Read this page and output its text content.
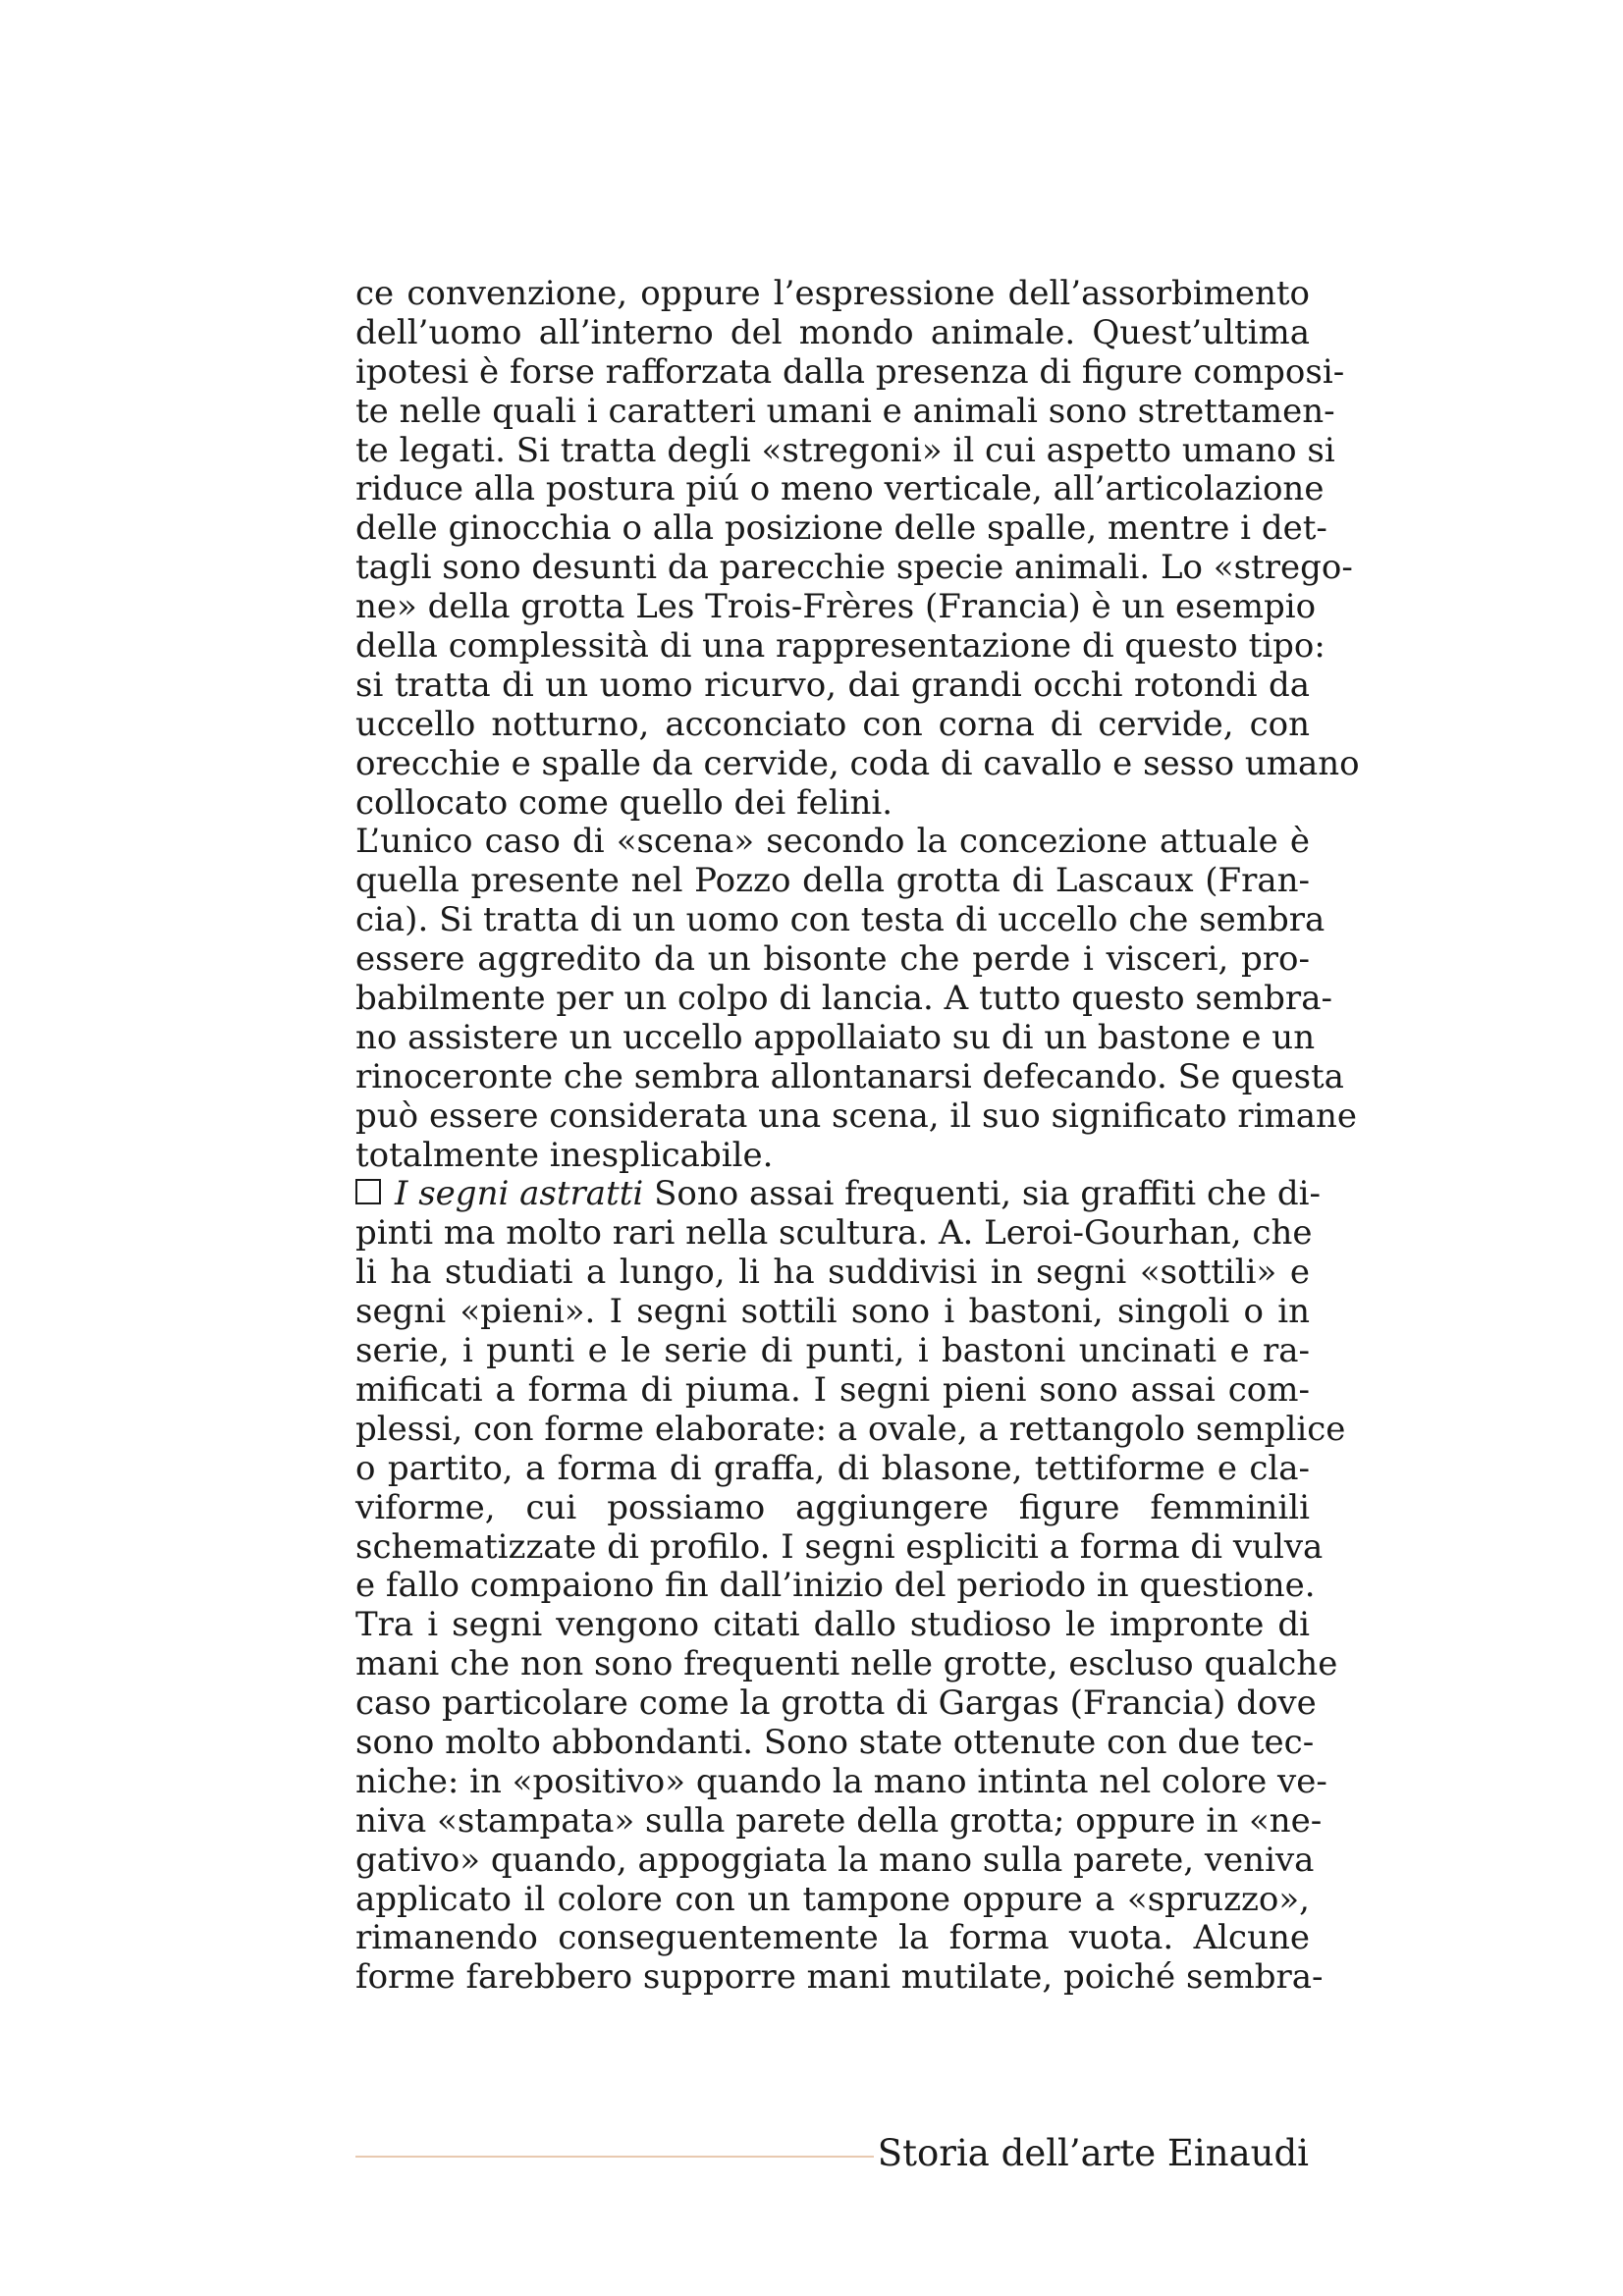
ce convenzione, oppure l’espressione dell’assorbimento
dell’uomo all’interno del mondo animale. Quest’ultima
ipotesi è forse rafforzata dalla presenza di figure composi-
te nelle quali i caratteri umani e animali sono strettamen-
te legati. Si tratta degli «stregoni» il cui aspetto umano si
riduce alla postura piú o meno verticale, all’articolazione
delle ginocchia o alla posizione delle spalle, mentre i det-
tagli sono desunti da parecchie specie animali. Lo «strego-
ne» della grotta Les Trois-Frères (Francia) è un esempio
della complessità di una rappresentazione di questo tipo:
si tratta di un uomo ricurvo, dai grandi occhi rotondi da
uccello notturno, acconciato con corna di cervide, con
orecchie e spalle da cervide, coda di cavallo e sesso umano
collocato come quello dei felini.
L’unico caso di «scena» secondo la concezione attuale è
quella presente nel Pozzo della grotta di Lascaux (Fran-
cia). Si tratta di un uomo con testa di uccello che sembra
essere aggredito da un bisonte che perde i visceri, pro-
babilmente per un colpo di lancia. A tutto questo sembra-
no assistere un uccello appollaiato su di un bastone e un
rinoceronte che sembra allontanarsi defecando. Se questa
può essere considerata una scena, il suo significato rimane
totalmente inesplicabile.
I segni astratti Sono assai frequenti, sia graffiti che di-
pinti ma molto rari nella scultura. A. Leroi-Gourhan, che
li ha studiati a lungo, li ha suddivisi in segni «sottili» e
segni «pieni». I segni sottili sono i bastoni, singoli o in
serie, i punti e le serie di punti, i bastoni uncinati e ra-
mificati a forma di piuma. I segni pieni sono assai com-
plessi, con forme elaborate: a ovale, a rettangolo semplice
o partito, a forma di graffa, di blasone, tettiforme e cla-
viforme, cui possiamo aggiungere figure femminili
schematizzate di profilo. I segni espliciti a forma di vulva
e fallo compaiono fin dall’inizio del periodo in questione.
Tra i segni vengono citati dallo studioso le impronte di
mani che non sono frequenti nelle grotte, escluso qualche
caso particolare come la grotta di Gargas (Francia) dove
sono molto abbondanti. Sono state ottenute con due tec-
niche: in «positivo» quando la mano intinta nel colore ve-
niva «stampata» sulla parete della grotta; oppure in «ne-
gativo» quando, appoggiata la mano sulla parete, veniva
applicato il colore con un tampone oppure a «spruzzo»,
rimanendo conseguentemente la forma vuota. Alcune
forme farebbero supporre mani mutilate, poiché sembra-
Storia dell’arte Einaudi
